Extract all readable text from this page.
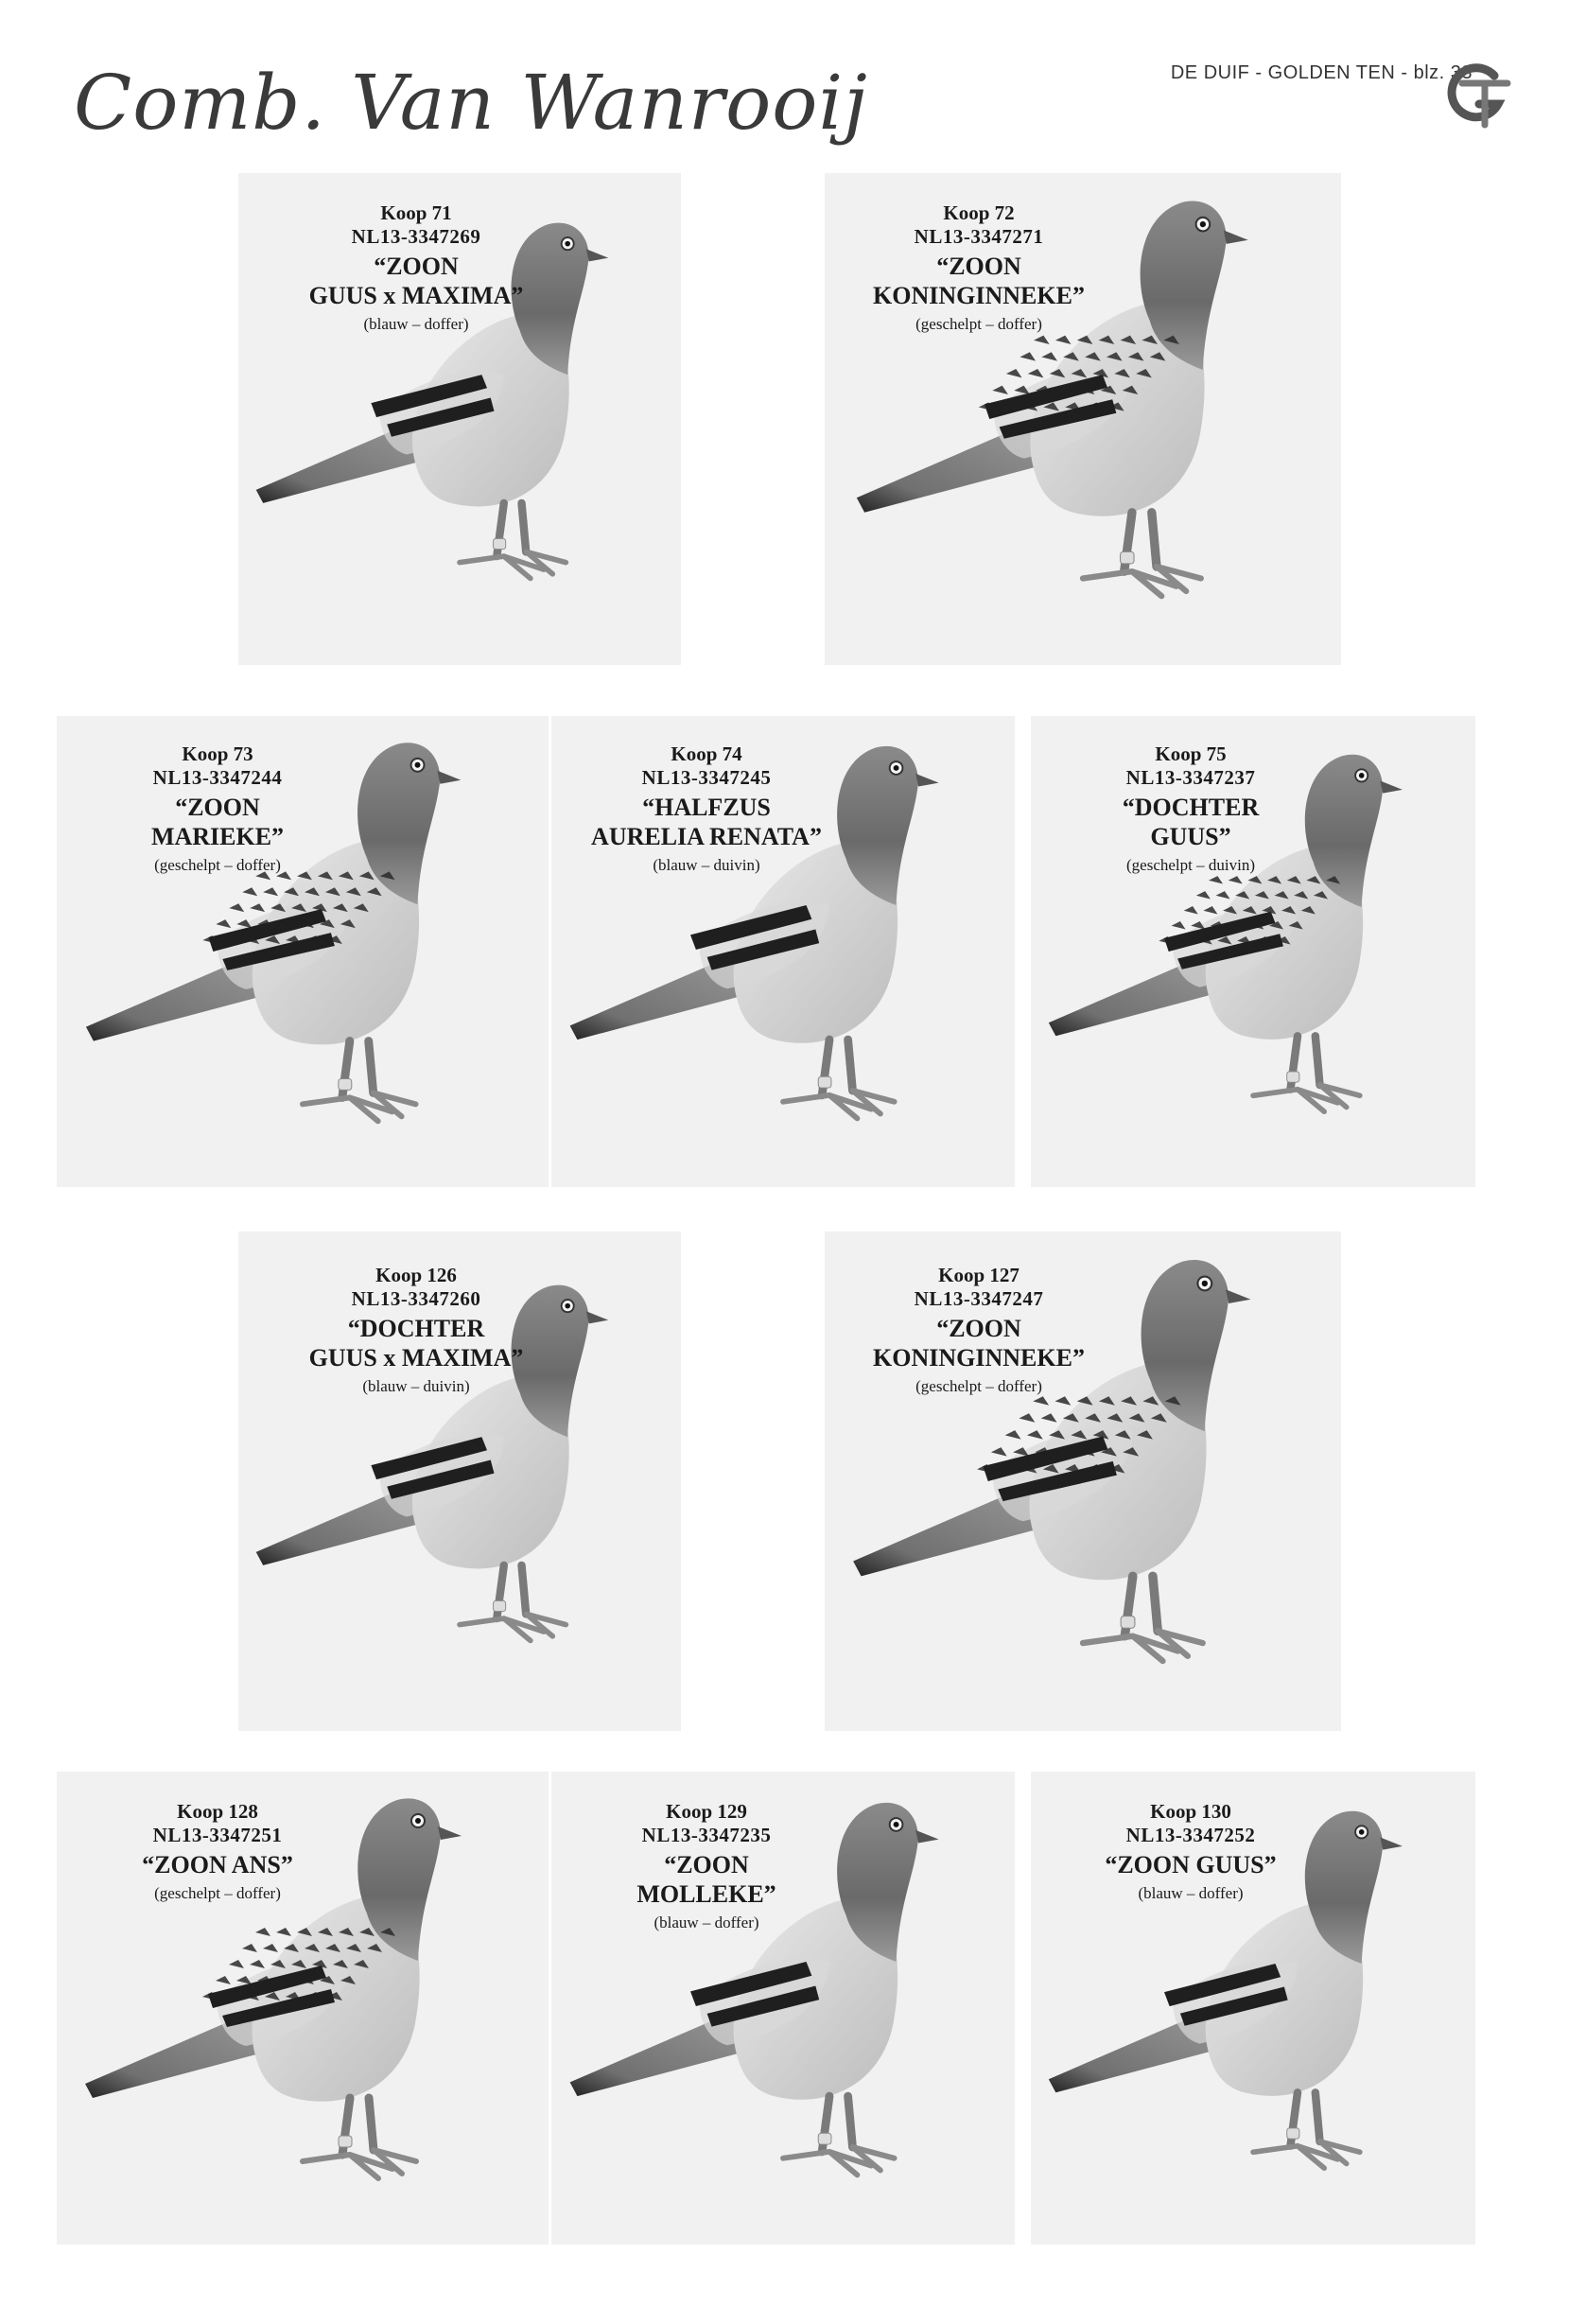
Comb. Van Wanrooij	DE DUIF - GOLDEN TEN - blz. 33
Koop 71
NL13-3347269
“ZOON
GUUS x MAXIMA”
(blauw – doffer)
Koop 72
NL13-3347271
“ZOON
KONINGINNEKE”
(geschelpt – doffer)
Koop 73
NL13-3347244
“ZOON
MARIEKE”
(geschelpt – doffer)
Koop 74
NL13-3347245
“HALFZUS
AURELIA RENATA”
(blauw – duivin)
Koop 75
NL13-3347237
“DOCHTER
GUUS”
(geschelpt – duivin)
Koop 126
NL13-3347260
“DOCHTER
GUUS x MAXIMA”
(blauw – duivin)
Koop 127
NL13-3347247
“ZOON
KONINGINNEKE”
(geschelpt – doffer)
Koop 128
NL13-3347251
“ZOON ANS”
(geschelpt – doffer)
Koop 129
NL13-3347235
“ZOON
MOLLEKE”
(blauw – doffer)
Koop 130
NL13-3347252
“ZOON GUUS”
(blauw – doffer)
